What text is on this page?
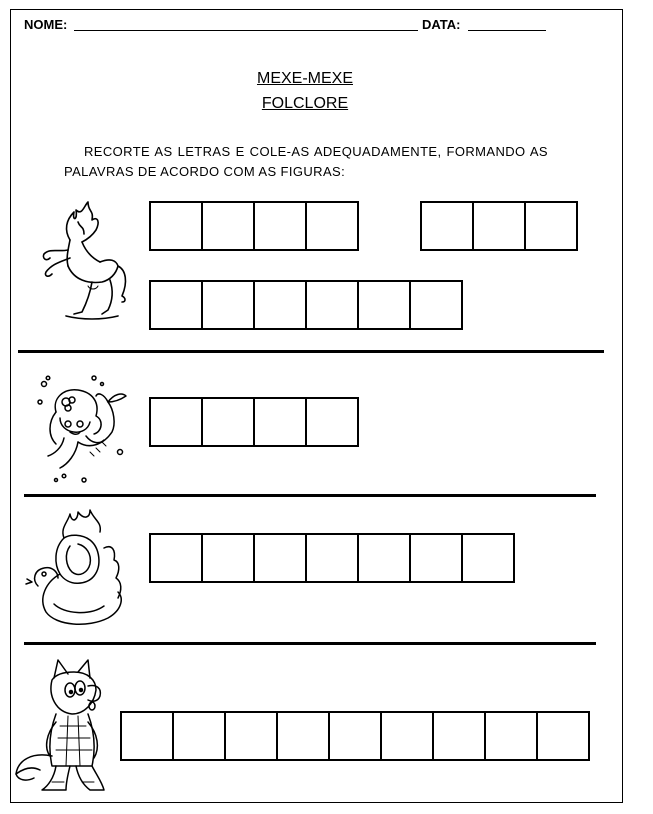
NOME:	DATA:
MEXE-MEXE
FOLCLORE
RECORTE AS LETRAS E COLE-AS ADEQUADAMENTE, FORMANDO AS PALAVRAS DE ACORDO COM AS FIGURAS:
